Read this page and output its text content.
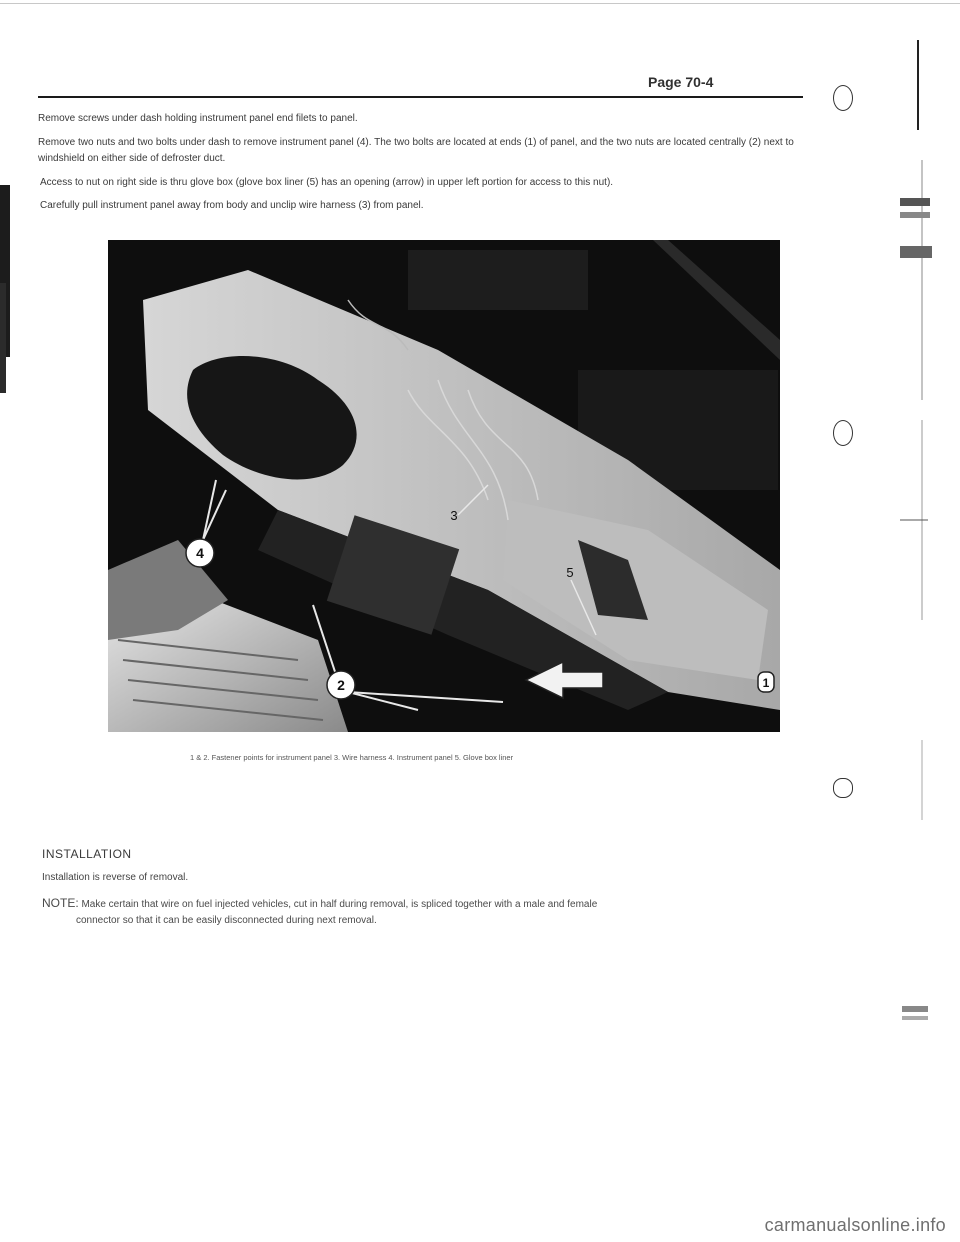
Page 70-4
Remove screws under dash holding instrument panel end filets to panel.
Remove two nuts and two bolts under dash to remove instrument panel (4). The two bolts are located at ends (1) of panel, and the two nuts are located centrally (2) next to windshield on either side of defroster duct.
Access to nut on right side is thru glove box (glove box liner (5) has an opening (arrow) in upper left portion for access to this nut).
Carefully pull instrument panel away from body and unclip wire harness (3) from panel.
4
2	1
3
5
1 & 2. Fastener points for instrument panel 3. Wire harness 4. Instrument panel 5. Glove box liner
INSTALLATION
Installation is reverse of removal.
NOTE: Make certain that wire on fuel injected vehicles, cut in half during removal, is spliced together with a male and female
connector so that it can be easily disconnected during next removal.
carmanualsonline.info
